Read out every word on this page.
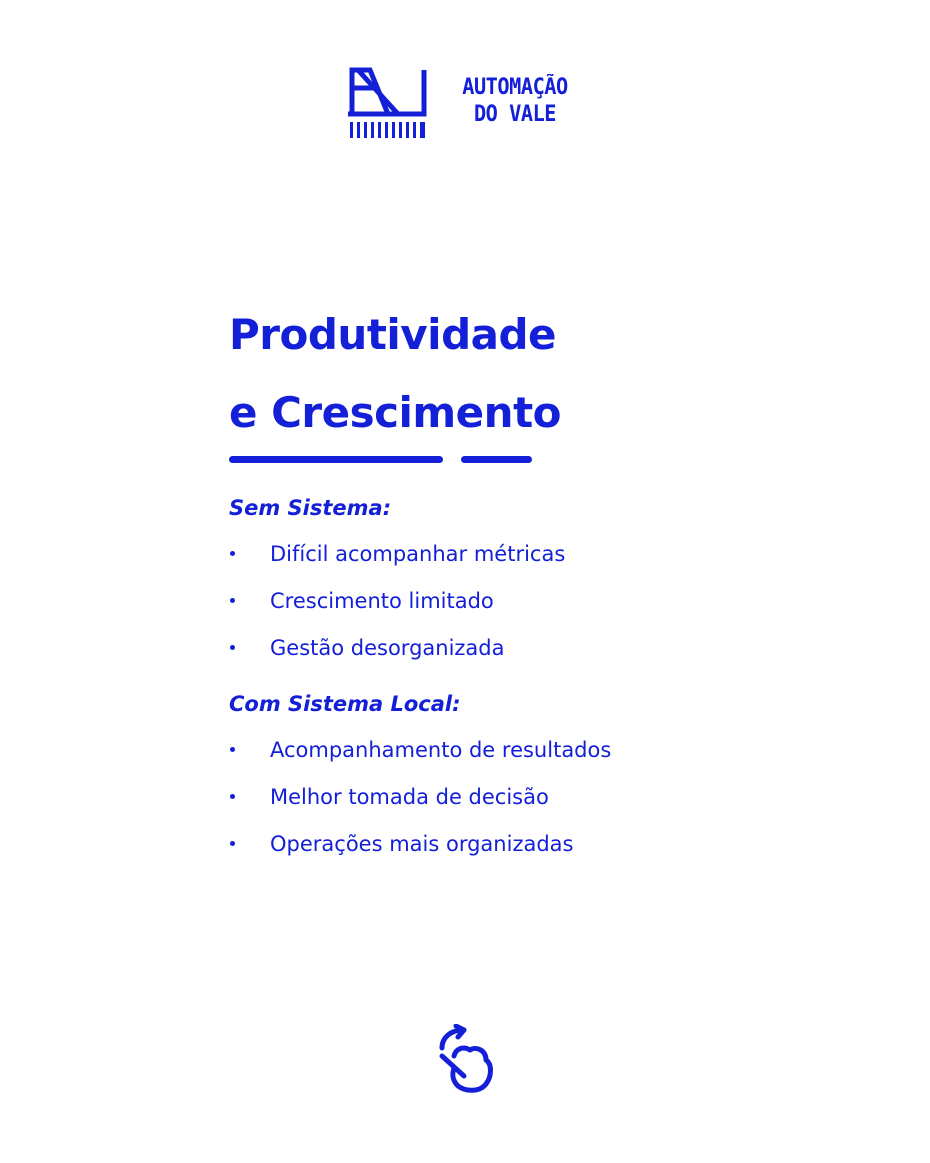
AUTOMAÇÃO
DO VALE
Produtividade
e Crescimento
Sem Sistema:
Difícil acompanhar métricas
Crescimento limitado
Gestão desorganizada
Com Sistema Local:
Acompanhamento de resultados
Melhor tomada de decisão
Operações mais organizadas
